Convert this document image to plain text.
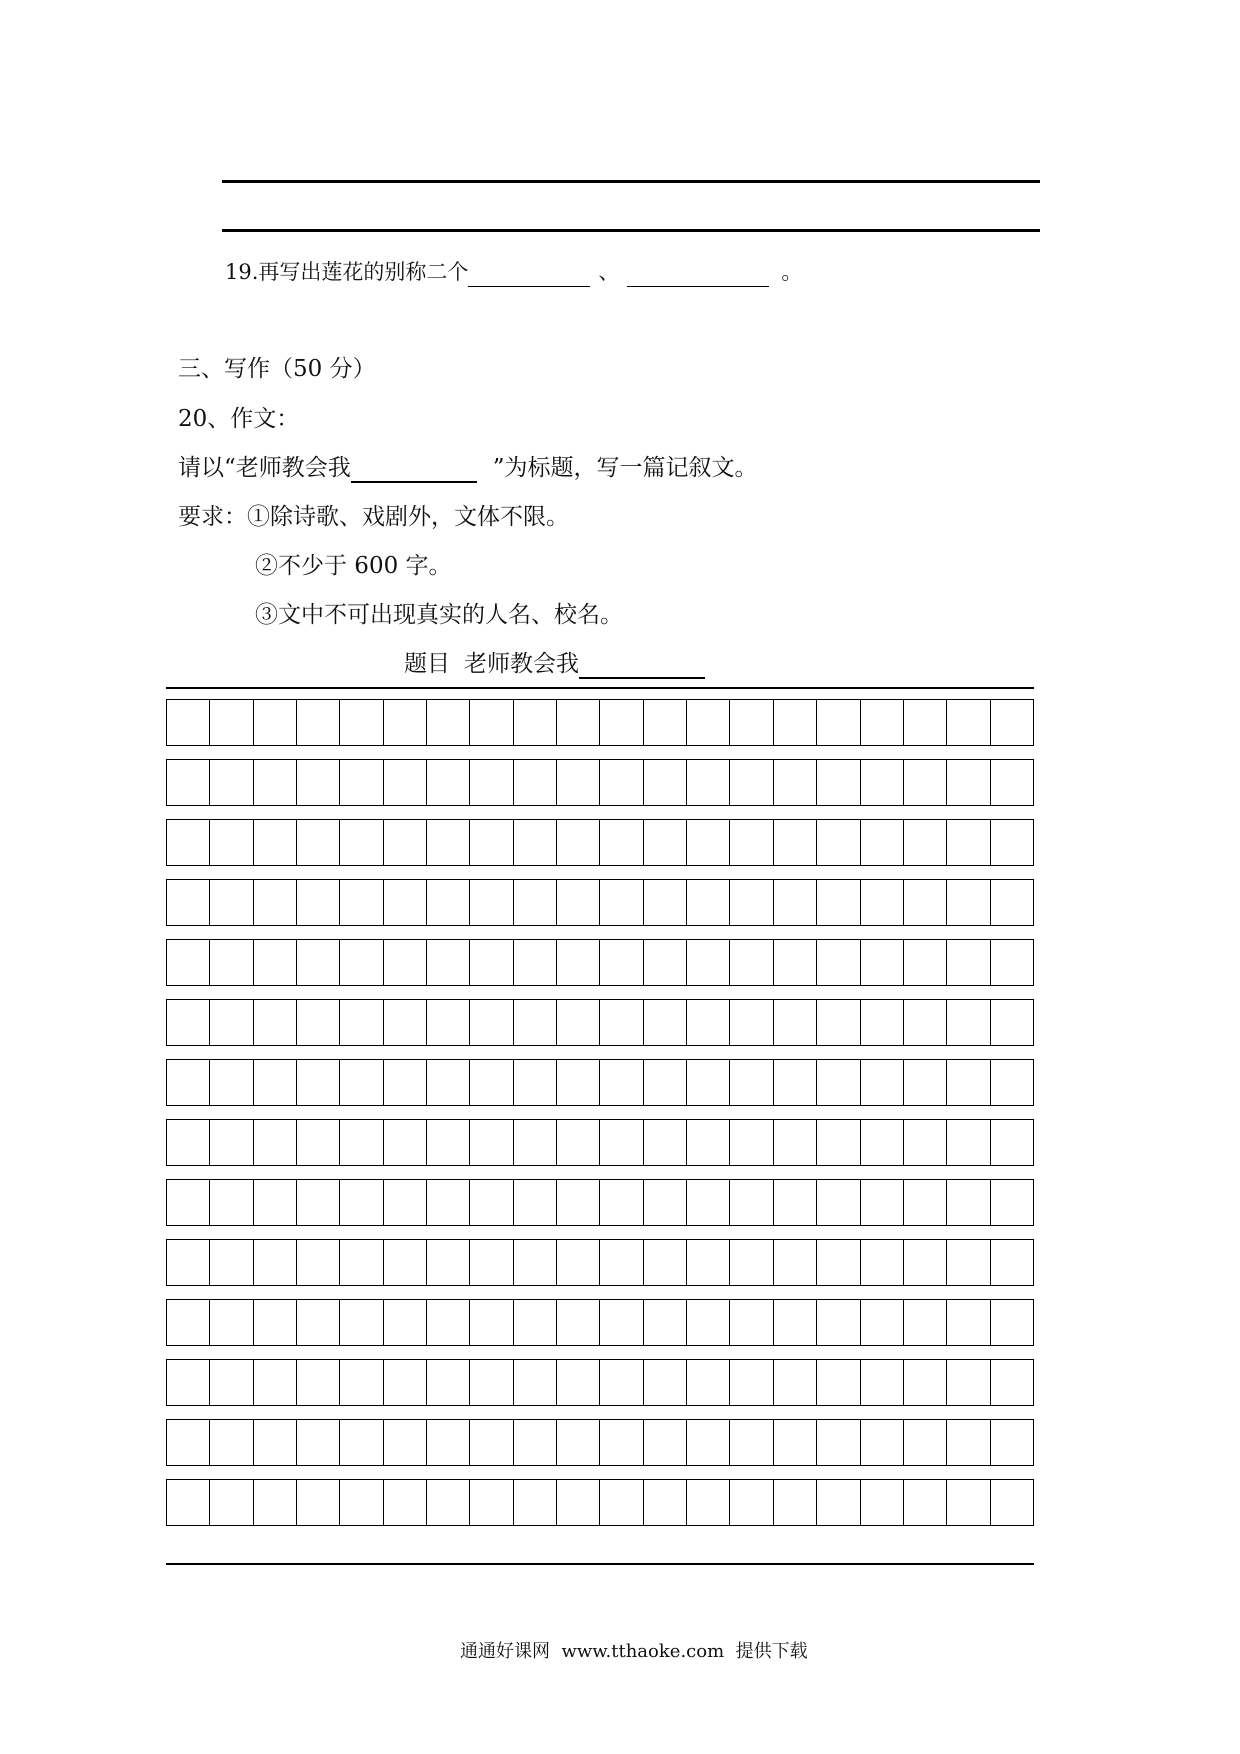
19.再写出莲花的别称二个	、	。
三、写作（50 分）
20、作文：
请以“老师教会我	”为标题，写一篇记叙文。
要求：①除诗歌、戏剧外，文体不限。
②不少于 600 字。
③文中不可出现真实的人名、校名。
题目 老师教会我
通通好课网  www.tthaoke.com  提供下载
